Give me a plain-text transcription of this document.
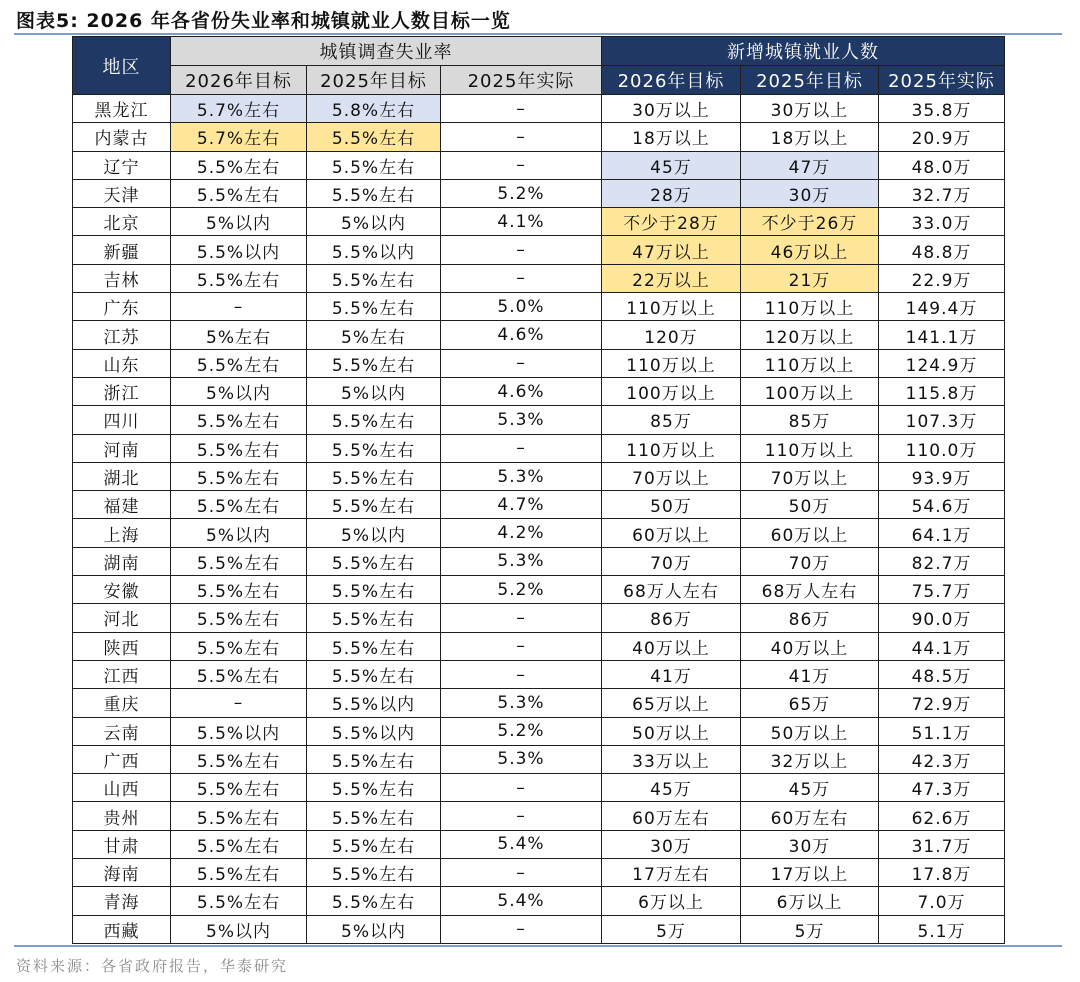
图表5: 2026 年各省份失业率和城镇就业人数目标一览
地区	城镇调查失业率			新增城镇就业人数		
	2026年目标	2025年目标	2025年实际	2026年目标	2025年目标	2025年实际
黑龙江	5.7%左右	5.8%左右	–	30万以上	30万以上	35.8万
内蒙古	5.7%左右	5.5%左右	–	18万以上	18万以上	20.9万
辽宁	5.5%左右	5.5%左右	–	45万	47万	48.0万
天津	5.5%左右	5.5%左右	5.2%	28万	30万	32.7万
北京	5%以内	5%以内	4.1%	不少于28万	不少于26万	33.0万
新疆	5.5%以内	5.5%以内	–	47万以上	46万以上	48.8万
吉林	5.5%左右	5.5%左右	–	22万以上	21万	22.9万
广东	–	5.5%左右	5.0%	110万以上	110万以上	149.4万
江苏	5%左右	5%左右	4.6%	120万	120万以上	141.1万
山东	5.5%左右	5.5%左右	–	110万以上	110万以上	124.9万
浙江	5%以内	5%以内	4.6%	100万以上	100万以上	115.8万
四川	5.5%左右	5.5%左右	5.3%	85万	85万	107.3万
河南	5.5%左右	5.5%左右	–	110万以上	110万以上	110.0万
湖北	5.5%左右	5.5%左右	5.3%	70万以上	70万以上	93.9万
福建	5.5%左右	5.5%左右	4.7%	50万	50万	54.6万
上海	5%以内	5%以内	4.2%	60万以上	60万以上	64.1万
湖南	5.5%左右	5.5%左右	5.3%	70万	70万	82.7万
安徽	5.5%左右	5.5%左右	5.2%	68万人左右	68万人左右	75.7万
河北	5.5%左右	5.5%左右	–	86万	86万	90.0万
陕西	5.5%左右	5.5%左右	–	40万以上	40万以上	44.1万
江西	5.5%左右	5.5%左右	–	41万	41万	48.5万
重庆	–	5.5%以内	5.3%	65万以上	65万	72.9万
云南	5.5%以内	5.5%以内	5.2%	50万以上	50万以上	51.1万
广西	5.5%左右	5.5%左右	5.3%	33万以上	32万以上	42.3万
山西	5.5%左右	5.5%左右	–	45万	45万	47.3万
贵州	5.5%左右	5.5%左右	–	60万左右	60万左右	62.6万
甘肃	5.5%左右	5.5%左右	5.4%	30万	30万	31.7万
海南	5.5%左右	5.5%左右	–	17万左右	17万以上	17.8万
青海	5.5%左右	5.5%左右	5.4%	6万以上	6万以上	7.0万
西藏	5%以内	5%以内	–	5万	5万	5.1万
资料来源：各省政府报告，华泰研究
